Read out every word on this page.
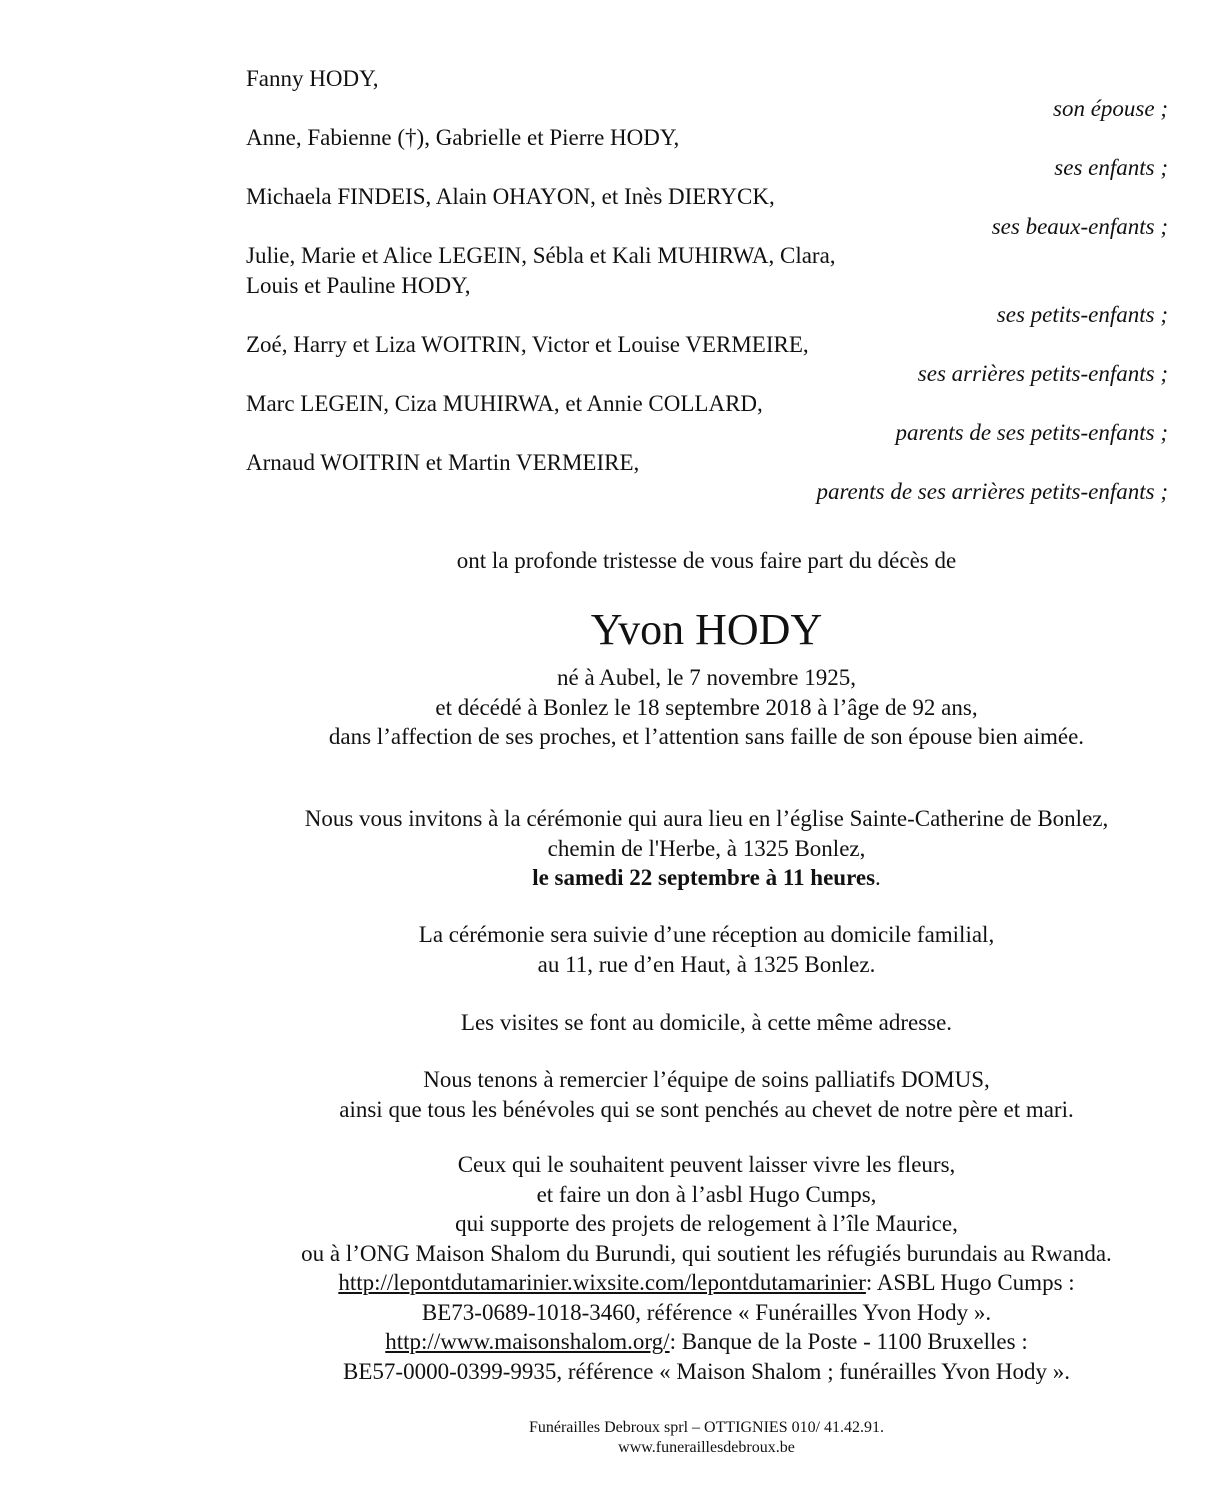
Fanny HODY,
son épouse ;
Anne, Fabienne (†), Gabrielle et Pierre HODY,
ses enfants ;
Michaela FINDEIS, Alain OHAYON, et Inès DIERYCK,
ses beaux-enfants ;
Julie, Marie et Alice LEGEIN, Sébla et Kali MUHIRWA, Clara,
Louis et Pauline HODY,
ses petits-enfants ;
Zoé, Harry et Liza WOITRIN, Victor et Louise VERMEIRE,
ses arrières petits-enfants ;
Marc LEGEIN, Ciza MUHIRWA, et Annie COLLARD,
parents de ses petits-enfants ;
Arnaud WOITRIN et Martin VERMEIRE,
parents de ses arrières petits-enfants ;

ont la profonde tristesse de vous faire part du décès de

Yvon HODY

né à Aubel, le 7 novembre 1925,

et décédé à Bonlez le 18 septembre 2018 à l’âge de 92 ans,

dans l’affection de ses proches, et l’attention sans faille de son épouse bien aimée.

Nous vous invitons à la cérémonie qui aura lieu en l’église Sainte-Catherine de Bonlez,

chemin de l'Herbe, à 1325 Bonlez,

le samedi 22 septembre à 11 heures.

La cérémonie sera suivie d’une réception au domicile familial,

au 11, rue d’en Haut, à 1325 Bonlez.

Les visites se font au domicile, à cette même adresse.

Nous tenons à remercier l’équipe de soins palliatifs DOMUS,

ainsi que tous les bénévoles qui se sont penchés au chevet de notre père et mari.

Ceux qui le souhaitent peuvent laisser vivre les fleurs,

et faire un don à l’asbl Hugo Cumps,

qui supporte des projets de relogement à l’île Maurice,

ou à l’ONG Maison Shalom du Burundi, qui soutient les réfugiés burundais au Rwanda.

http://lepontdutamarinier.wixsite.com/lepontdutamarinier: ASBL Hugo Cumps :

BE73-0689-1018-3460, référence « Funérailles Yvon Hody ».

http://www.maisonshalom.org/: Banque de la Poste - 1100 Bruxelles :

BE57-0000-0399-9935, référence « Maison Shalom ; funérailles Yvon Hody ».

Funérailles Debroux sprl – OTTIGNIES 010/ 41.42.91.

www.funeraillesdebroux.be
